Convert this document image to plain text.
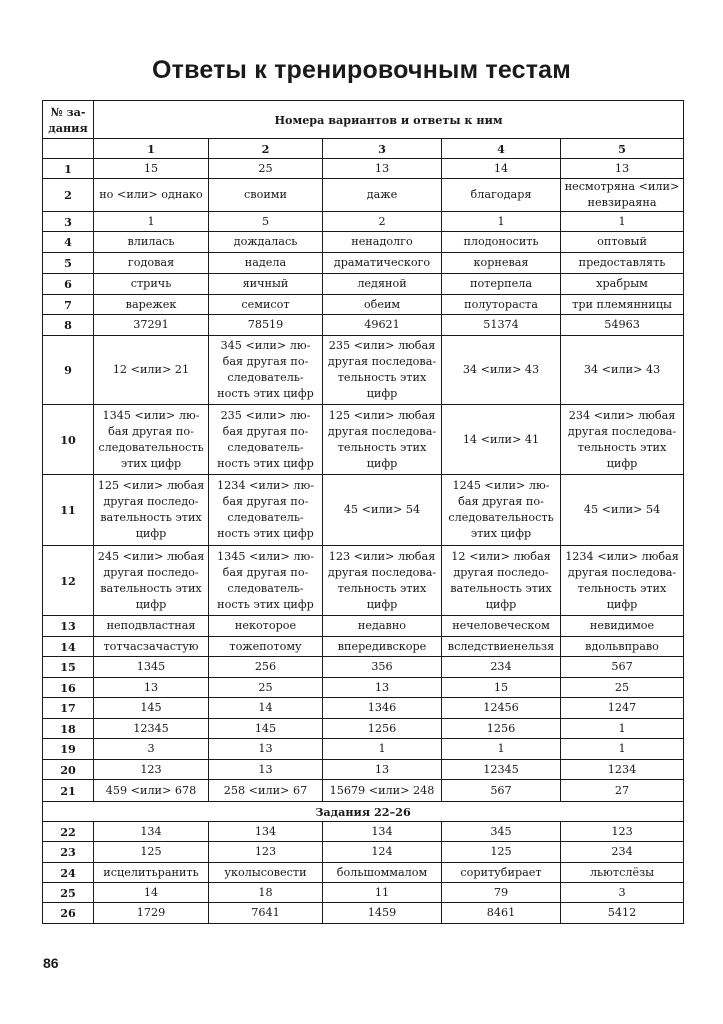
Ответы к тренировочным тестам
№ за-
дания	Номера вариантов и ответы к ним				
	1	2	3	4	5
1	15	25	13	14	13
2	но <или> однако	своими	даже	благодаря	несмотряна <или>
невзираяна
3	1	5	2	1	1
4	влилась	дождалась	ненадолго	плодоносить	оптовый
5	годовая	надела	драматического	корневая	предоставлять
6	стричь	яичный	ледяной	потерпела	храбрым
7	варежек	семисот	обеим	полутораста	три племянницы
8	37291	78519	49621	51374	54963
9	12 <или> 21	345 <или> лю-
бая другая по-
следователь-
ность этих цифр	235 <или> любая
другая последова-
тельность этих
цифр	34 <или> 43	34 <или> 43
10	1345 <или> лю-
бая другая по-
следовательность
этих цифр	235 <или> лю-
бая другая по-
следователь-
ность этих цифр	125 <или> любая
другая последова-
тельность этих
цифр	14 <или> 41	234 <или> любая
другая последова-
тельность этих
цифр
11	125 <или> любая
другая последо-
вательность этих
цифр	1234 <или> лю-
бая другая по-
следователь-
ность этих цифр	45 <или> 54	1245 <или> лю-
бая другая по-
следовательность
этих цифр	45 <или> 54
12	245 <или> любая
другая последо-
вательность этих
цифр	1345 <или> лю-
бая другая по-
следователь-
ность этих цифр	123 <или> любая
другая последова-
тельность этих
цифр	12 <или> любая
другая последо-
вательность этих
цифр	1234 <или> любая
другая последова-
тельность этих
цифр
13	неподвластная	некоторое	недавно	нечеловеческом	невидимое
14	тотчасзачастую	тожепотому	впередивскоре	вследствиенельзя	вдольвправо
15	1345	256	356	234	567
16	13	25	13	15	25
17	145	14	1346	12456	1247
18	12345	145	1256	1256	1
19	3	13	1	1	1
20	123	13	13	12345	1234
21	459 <или> 678	258 <или> 67	15679 <или> 248	567	27
Задания 22–26					
22	134	134	134	345	123
23	125	123	124	125	234
24	исцелитьранить	уколысовести	большоммалом	соритубирает	льютслёзы
25	14	18	11	79	3
26	1729	7641	1459	8461	5412
86
